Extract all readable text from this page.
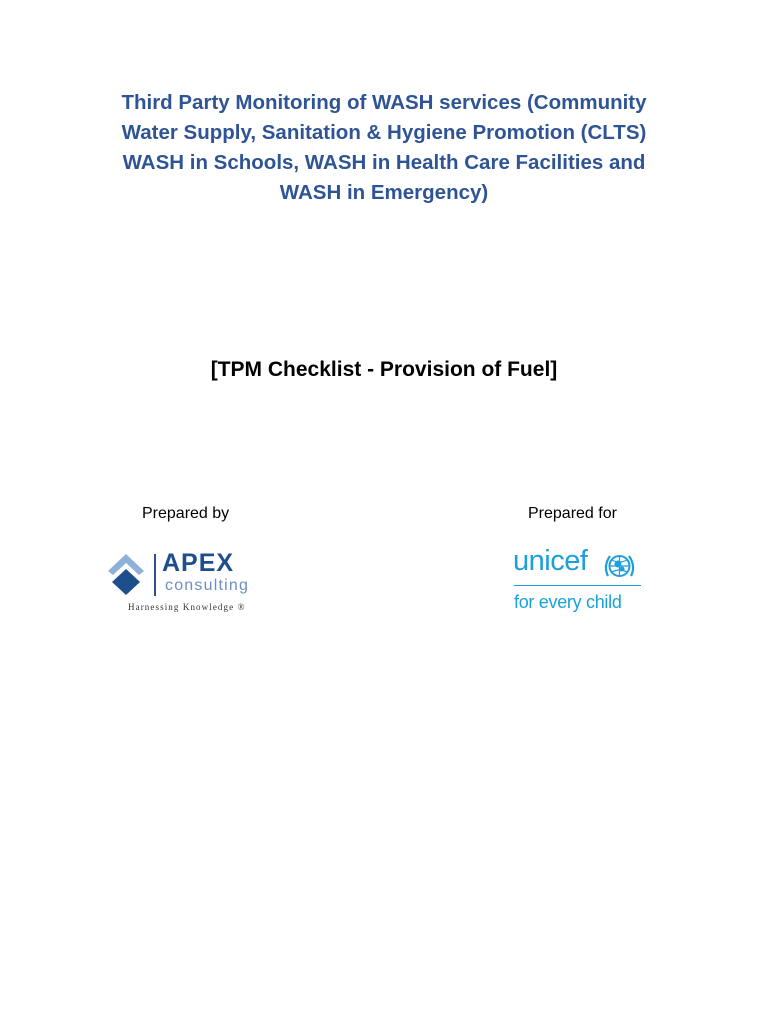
Third Party Monitoring of WASH services (Community
Water Supply, Sanitation & Hygiene Promotion (CLTS)
WASH in Schools, WASH in Health Care Facilities and
WASH in Emergency)
[TPM Checklist - Provision of Fuel]
Prepared by	Prepared for
APEX
consulting
Harnessing Knowledge ®
unicef
for every child
